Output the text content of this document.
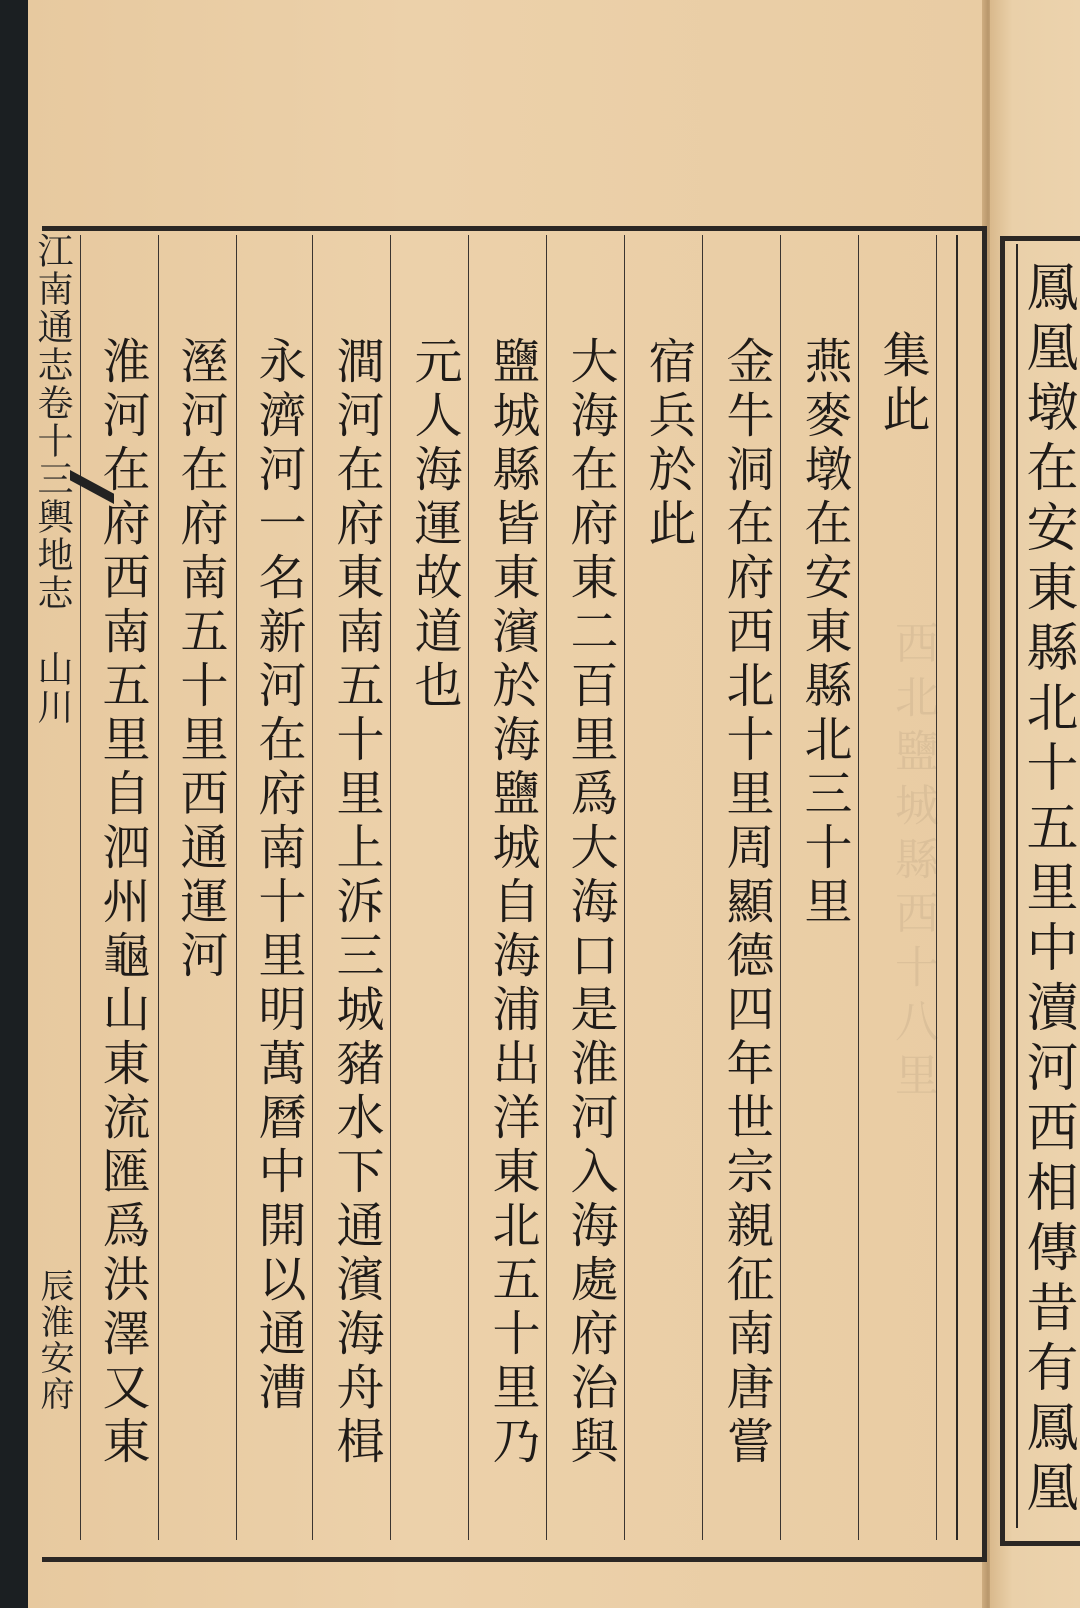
鳳凰墩在安東縣北十五里中瀆河西相傳昔有鳳凰
江南通志卷十三輿地志　山川
辰淮安府
西北鹽城縣西十八里
集此
燕麥墩在安東縣北三十里
金牛洞在府西北十里周顯德四年世宗親征南唐嘗
宿兵於此
大海在府東二百里爲大海口是淮河入海處府治與
鹽城縣皆東濱於海鹽城自海浦出洋東北五十里乃
元人海運故道也
澗河在府東南五十里上泝三城豬水下通濱海舟楫
永濟河一名新河在府南十里明萬曆中開以通漕
溼河在府南五十里西通運河
淮河在府西南五里自泗州龜山東流匯爲洪澤又東
